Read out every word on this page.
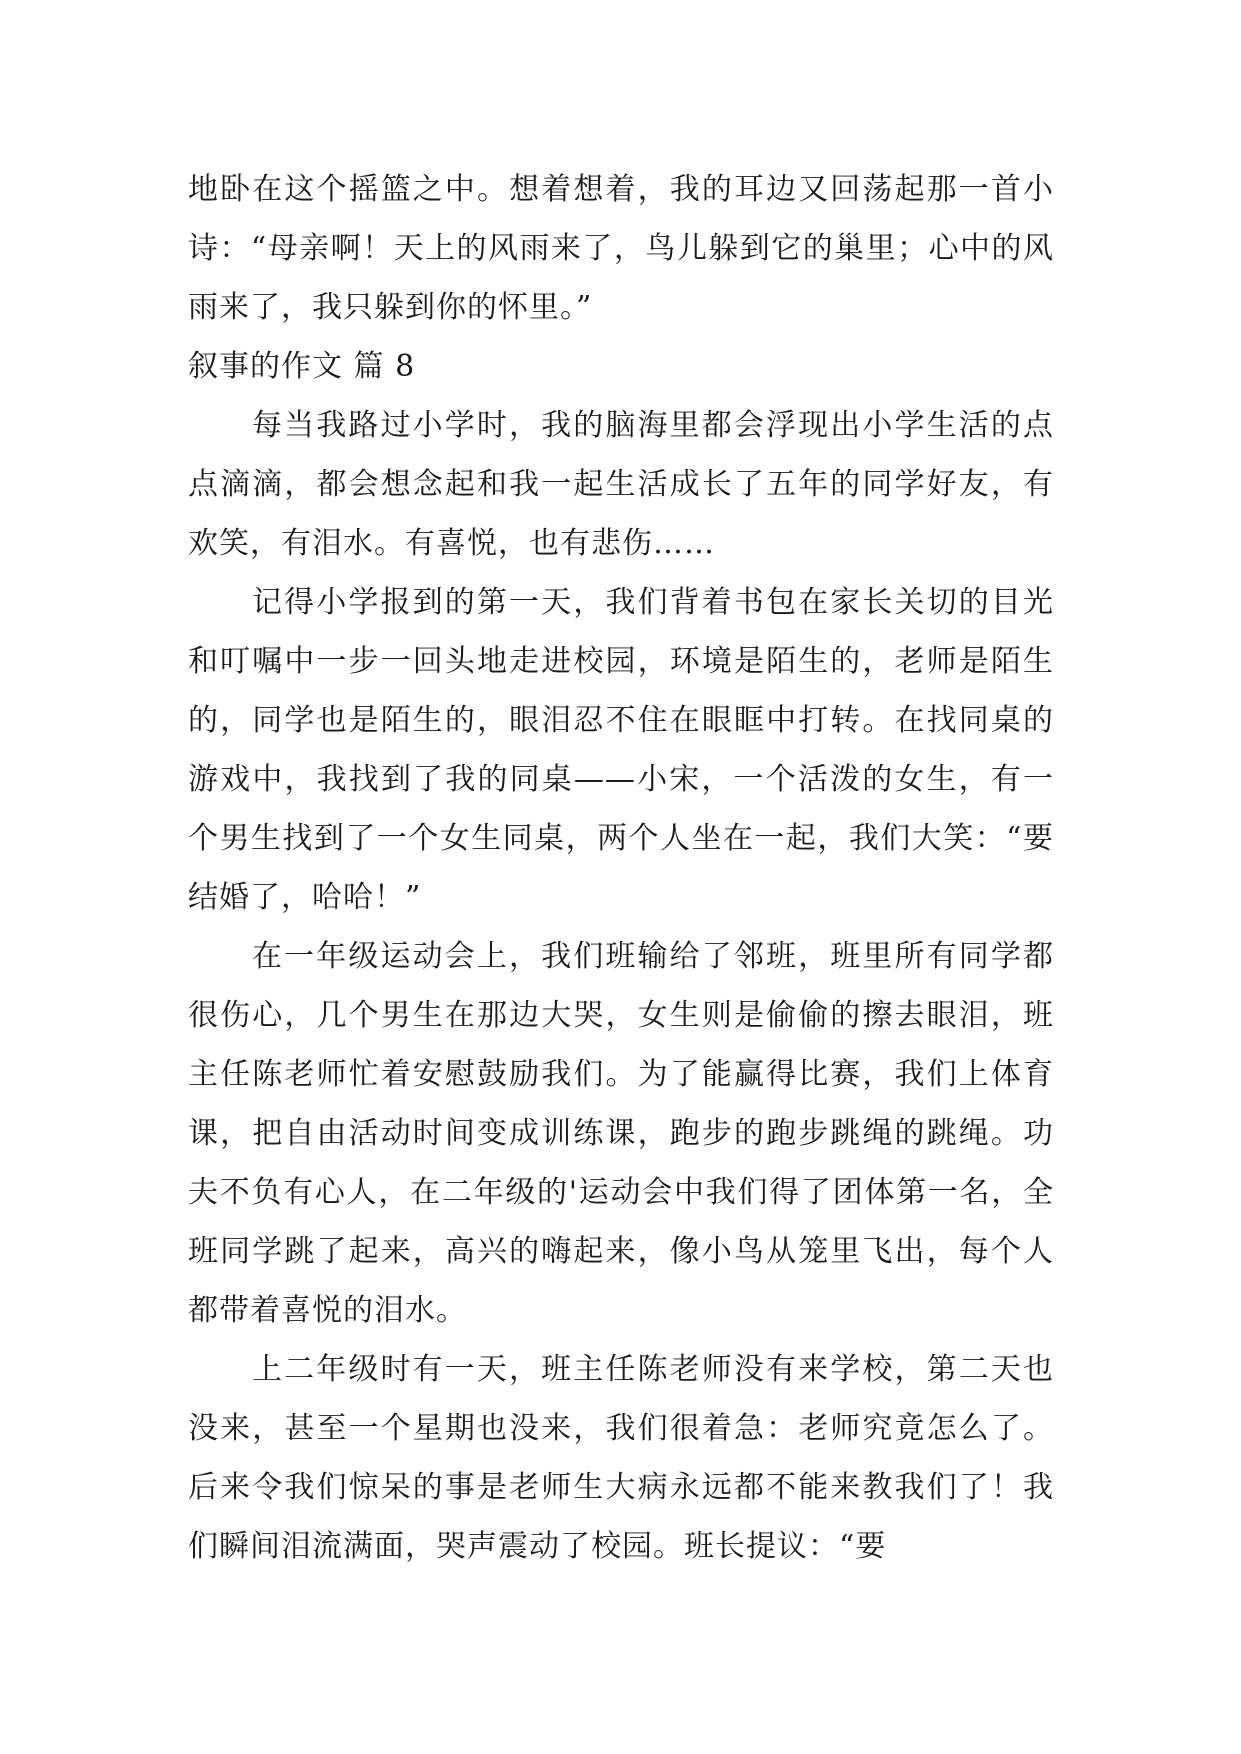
地卧在这个摇篮之中。想着想着，我的耳边又回荡起那一首小诗：“母亲啊！天上的风雨来了，鸟儿躲到它的巢里；心中的风雨来了，我只躲到你的怀里。”

叙事的作文 篇 8

每当我路过小学时，我的脑海里都会浮现出小学生活的点点滴滴，都会想念起和我一起生活成长了五年的同学好友，有欢笑，有泪水。有喜悦，也有悲伤……

记得小学报到的第一天，我们背着书包在家长关切的目光和叮嘱中一步一回头地走进校园，环境是陌生的，老师是陌生的，同学也是陌生的，眼泪忍不住在眼眶中打转。在找同桌的游戏中，我找到了我的同桌——小宋，一个活泼的女生，有一个男生找到了一个女生同桌，两个人坐在一起，我们大笑：“要结婚了，哈哈！”

在一年级运动会上，我们班输给了邻班，班里所有同学都很伤心，几个男生在那边大哭，女生则是偷偷的擦去眼泪，班主任陈老师忙着安慰鼓励我们。为了能赢得比赛，我们上体育课，把自由活动时间变成训练课，跑步的跑步跳绳的跳绳。功夫不负有心人，在二年级的'运动会中我们得了团体第一名，全班同学跳了起来，高兴的嗨起来，像小鸟从笼里飞出，每个人都带着喜悦的泪水。

上二年级时有一天，班主任陈老师没有来学校，第二天也没来，甚至一个星期也没来，我们很着急：老师究竟怎么了。后来令我们惊呆的事是老师生大病永远都不能来教我们了！我们瞬间泪流满面，哭声震动了校园。班长提议：“要
